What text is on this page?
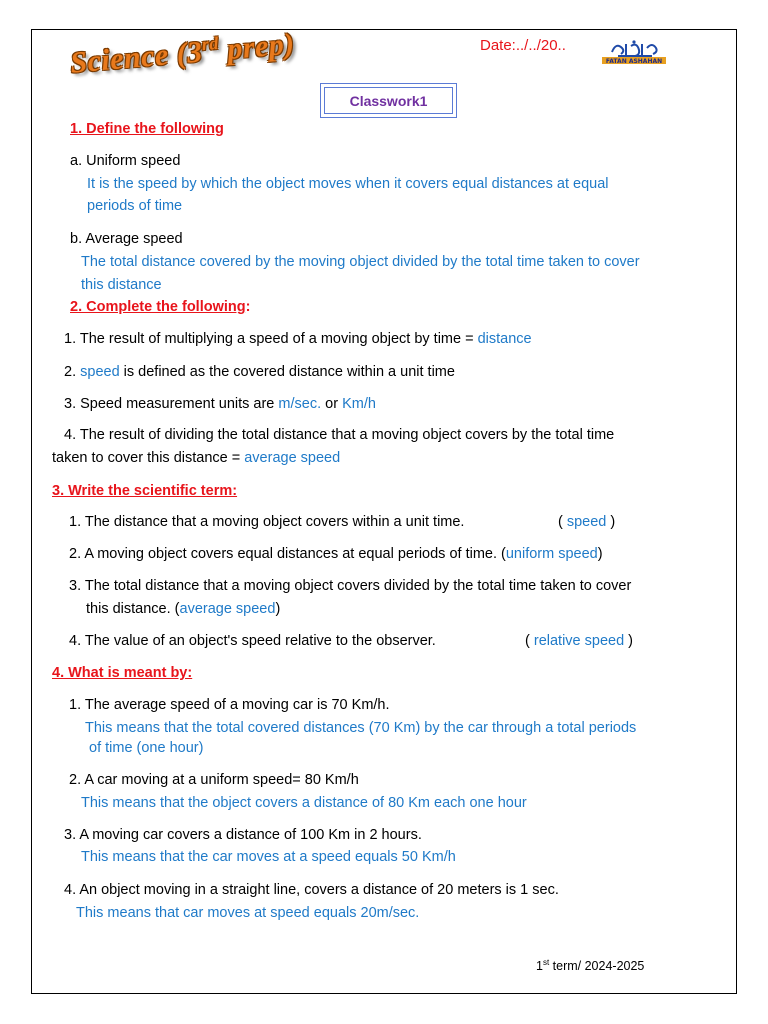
Science (3rd prep)	Date:../../20..
FATAN ASHAHAN
Classwork1
1. Define the following
a. Uniform speed
It is the speed by which the object moves when it covers equal distances at equal
periods of time
b. Average speed
The total distance covered by the moving object divided by the total time taken to cover
this distance
2. Complete the following:
1. The result of multiplying a speed of a moving object by time = distance
2. speed is defined as the covered distance within a unit time
3. Speed measurement units are m/sec. or Km/h
4. The result of dividing the total distance that a moving object covers by the total time
taken to cover this distance = average speed
3. Write the scientific term:
1. The distance that a moving object covers within a unit time.	( speed )
2. A moving object covers equal distances at equal periods of time. (uniform speed)
3. The total distance that a moving object covers divided by the total time taken to cover
this distance. (average speed)
4. The value of an object's speed relative to the observer.	( relative speed )
4. What is meant by:
1. The average speed of a moving car is 70 Km/h.
This means that the total covered distances (70 Km) by the car through a total periods
of time (one hour)
2. A car moving at a uniform speed= 80 Km/h
This means that the object covers a distance of 80 Km each one hour
3. A moving car covers a distance of 100 Km in 2 hours.
This means that the car moves at a speed equals 50 Km/h
4. An object moving in a straight line, covers a distance of 20 meters is 1 sec.
This means that car moves at speed equals 20m/sec.
1st term/ 2024-2025
